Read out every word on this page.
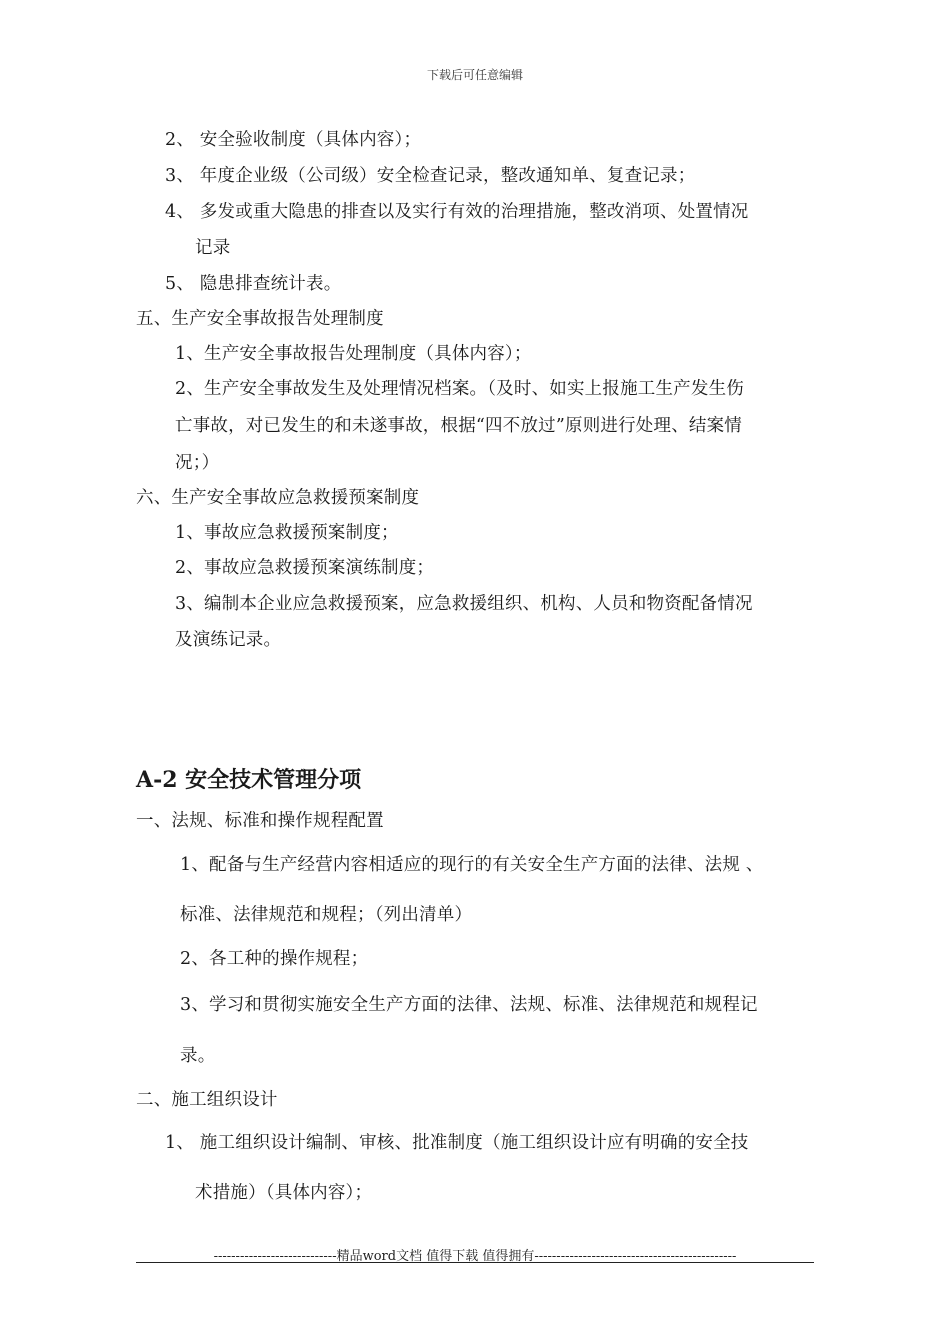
下载后可任意编辑
2、 安全验收制度（具体内容）；
3、 年度企业级（公司级）安全检查记录，整改通知单、复查记录；
4、 多发或重大隐患的排查以及实行有效的治理措施，整改消项、处置情况
记录
5、 隐患排查统计表。
五、生产安全事故报告处理制度
1、生产安全事故报告处理制度（具体内容）；
2、生产安全事故发生及处理情况档案。（及时、如实上报施工生产发生伤
亡事故，对已发生的和未遂事故，根据“四不放过”原则进行处理、结案情
况；）
六、生产安全事故应急救援预案制度
1、事故应急救援预案制度；
2、事故应急救援预案演练制度；
3、编制本企业应急救援预案，应急救援组织、机构、人员和物资配备情况
及演练记录。
A-2 安全技术管理分项
一、法规、标准和操作规程配置
1、配备与生产经营内容相适应的现行的有关安全生产方面的法律、法规 、
标准、法律规范和规程；（列出清单）
2、各工种的操作规程；
3、学习和贯彻实施安全生产方面的法律、法规、标准、法律规范和规程记
录。
二、施工组织设计
1、 施工组织设计编制、审核、批准制度（施工组织设计应有明确的安全技
术措施）（具体内容）；
----------------------------精品word文档 值得下载 值得拥有----------------------------------------------
